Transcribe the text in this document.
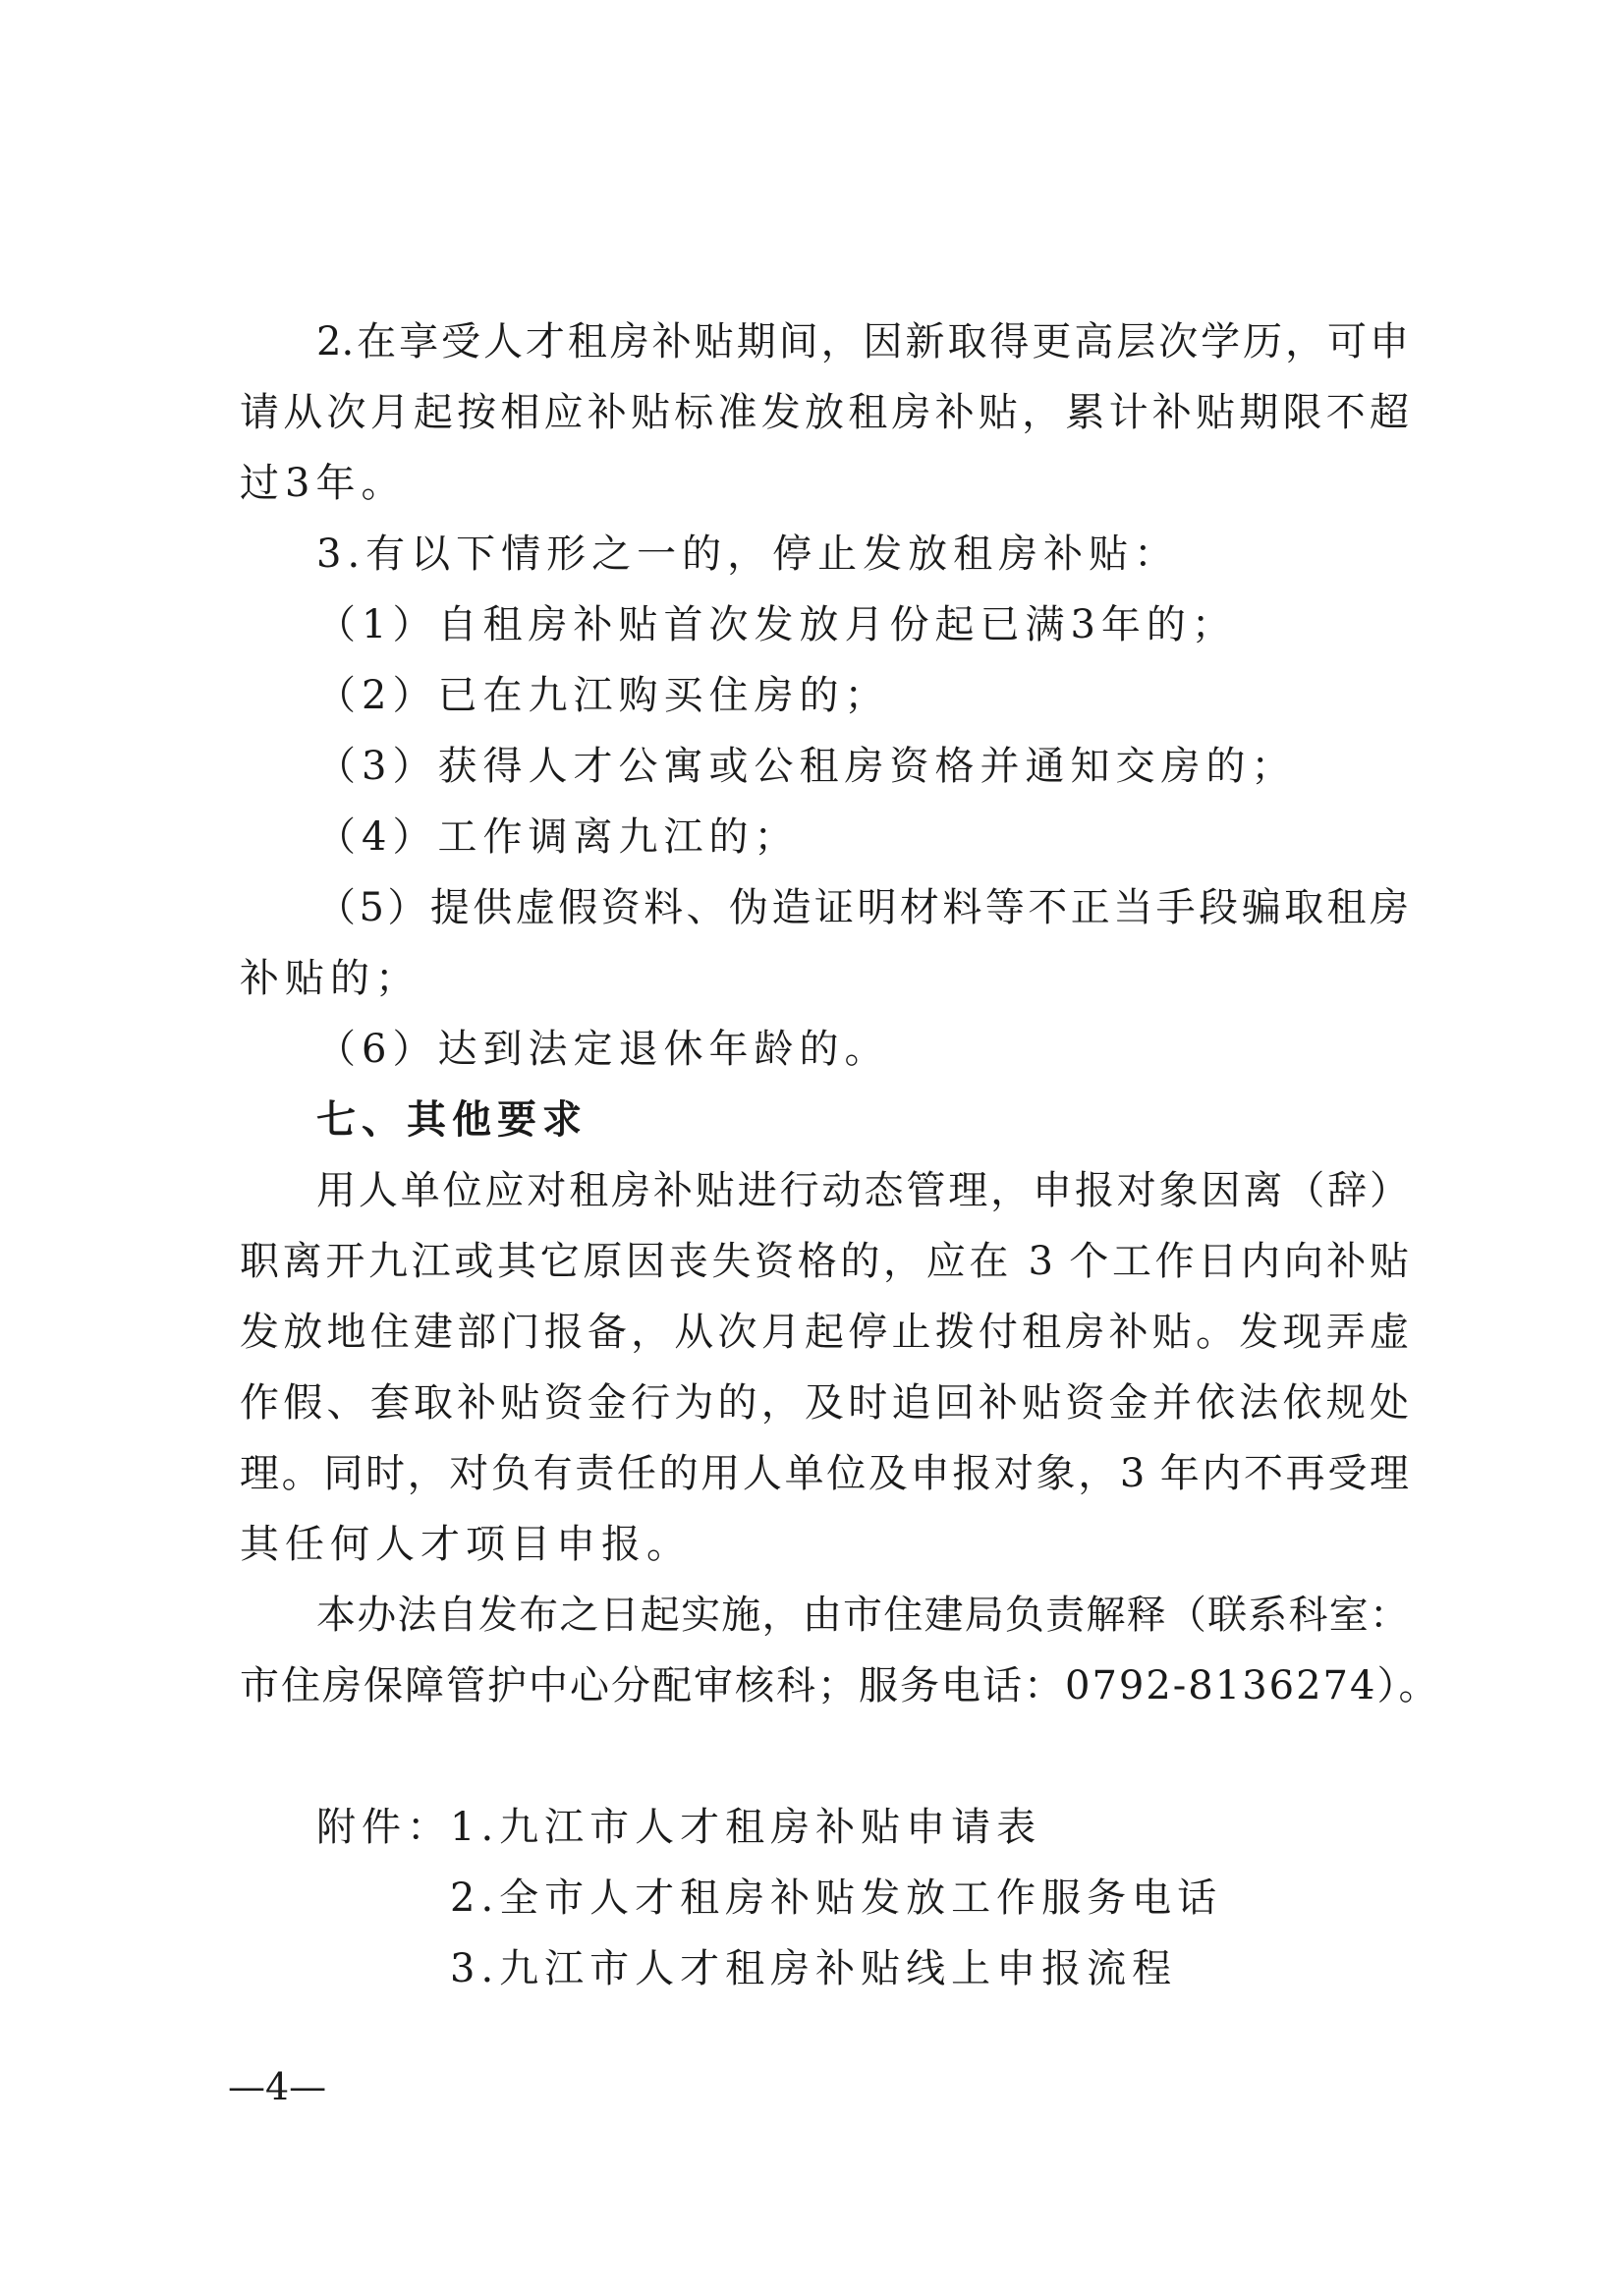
2.在享受人才租房补贴期间，因新取得更高层次学历，可申
请从次月起按相应补贴标准发放租房补贴，累计补贴期限不超
过3年。
3.有以下情形之一的，停止发放租房补贴：
（1）自租房补贴首次发放月份起已满3年的；
（2）已在九江购买住房的；
（3）获得人才公寓或公租房资格并通知交房的；
（4）工作调离九江的；
（5）提供虚假资料、伪造证明材料等不正当手段骗取租房
补贴的；
（6）达到法定退休年龄的。
七、其他要求
用人单位应对租房补贴进行动态管理，申报对象因离（辞）
职离开九江或其它原因丧失资格的，应在 3 个工作日内向补贴
发放地住建部门报备，从次月起停止拨付租房补贴。发现弄虚
作假、套取补贴资金行为的，及时追回补贴资金并依法依规处
理。同时，对负有责任的用人单位及申报对象，3 年内不再受理
其任何人才项目申报。
本办法自发布之日起实施，由市住建局负责解释（联系科室：
市住房保障管护中心分配审核科；服务电话：0792-8136274）。
附件：
1.九江市人才租房补贴申请表
2.全市人才租房补贴发放工作服务电话
3.九江市人才租房补贴线上申报流程
—4—
